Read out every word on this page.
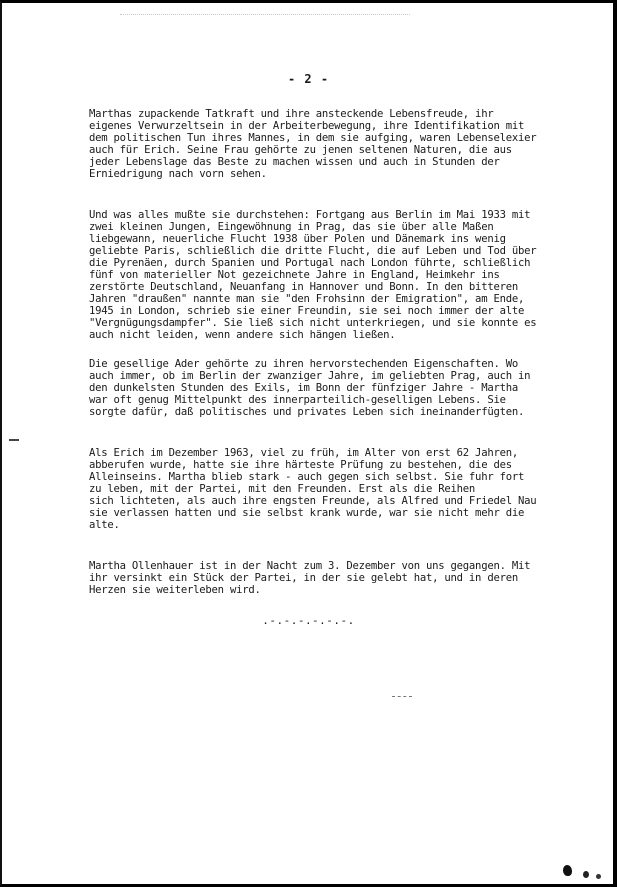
- 2 -

Marthas zupackende Tatkraft und ihre ansteckende Lebensfreude, ihr
eigenes Verwurzeltsein in der Arbeiterbewegung, ihre Identifikation mit
dem politischen Tun ihres Mannes, in dem sie aufging, waren Lebenselexier
auch für Erich. Seine Frau gehörte zu jenen seltenen Naturen, die aus
jeder Lebenslage das Beste zu machen wissen und auch in Stunden der
Erniedrigung nach vorn sehen.

Und was alles mußte sie durchstehen: Fortgang aus Berlin im Mai 1933 mit
zwei kleinen Jungen, Eingewöhnung in Prag, das sie über alle Maßen
liebgewann, neuerliche Flucht 1938 über Polen und Dänemark ins wenig
geliebte Paris, schließlich die dritte Flucht, die auf Leben und Tod über
die Pyrenäen, durch Spanien und Portugal nach London führte, schließlich
fünf von materieller Not gezeichnete Jahre in England, Heimkehr ins
zerstörte Deutschland, Neuanfang in Hannover und Bonn. In den bitteren
Jahren "draußen" nannte man sie "den Frohsinn der Emigration", am Ende,
1945 in London, schrieb sie einer Freundin, sie sei noch immer der alte
"Vergnügungsdampfer". Sie ließ sich nicht unterkriegen, und sie konnte es
auch nicht leiden, wenn andere sich hängen ließen.

Die gesellige Ader gehörte zu ihren hervorstechenden Eigenschaften. Wo
auch immer, ob im Berlin der zwanziger Jahre, im geliebten Prag, auch in
den dunkelsten Stunden des Exils, im Bonn der fünfziger Jahre - Martha
war oft genug Mittelpunkt des innerparteilich-geselligen Lebens. Sie
sorgte dafür, daß politisches und privates Leben sich ineinanderfügten.

Als Erich im Dezember 1963, viel zu früh, im Alter von erst 62 Jahren,
abberufen wurde, hatte sie ihre härteste Prüfung zu bestehen, die des
Alleinseins. Martha blieb stark - auch gegen sich selbst. Sie fuhr fort
zu leben, mit der Partei, mit den Freunden. Erst als die Reihen
sich lichteten, als auch ihre engsten Freunde, als Alfred und Friedel Nau
sie verlassen hatten und sie selbst krank wurde, war sie nicht mehr die
alte.

Martha Ollenhauer ist in der Nacht zum 3. Dezember von uns gegangen. Mit
ihr versinkt ein Stück der Partei, in der sie gelebt hat, und in deren
Herzen sie weiterleben wird.

.-.-.-.-.-.-.
